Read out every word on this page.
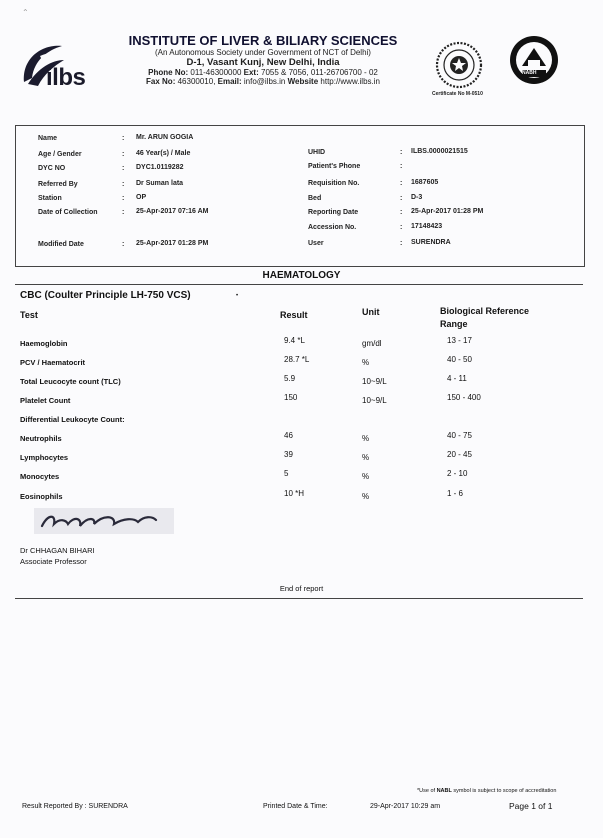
⌃
ilbs
INSTITUTE OF LIVER & BILIARY SCIENCES
(An Autonomous Society under Government of NCT of Delhi)
D-1, Vasant Kunj, New Delhi, India
Phone No: 011-46300000 Ext: 7055 & 7056, 011-26706700 - 02
Fax No: 46300010, Email: info@ilbs.in Website http://www.ilbs.in
Certificate No M-0510
NABH
Name	: Mr. ARUN GOGIA
Age / Gender	: 46 Year(s) / Male
DYC NO	: DYC1.0119282
Referred By	: Dr Suman lata
Station	: OP
Date of Collection	: 25-Apr-2017 07:16 AM
Modified Date	: 25-Apr-2017 01:28 PM
UHID	: ILBS.0000021515
Patient's Phone	:
Requisition No.	: 1687605
Bed	: D-3
Reporting Date	: 25-Apr-2017 01:28 PM
Accession No.	: 17148423
User	: SURENDRA
HAEMATOLOGY
CBC (Coulter Principle LH-750 VCS)	•
Test	Result	Unit	Biological Reference
Range
Haemoglobin	9.4 *L	gm/dl	13 - 17
PCV / Haematocrit	28.7 *L	%	40 - 50
Total Leucocyte count (TLC)	5.9	10~9/L	4 - 11
Platelet Count	150	10~9/L	150 - 400
Differential Leukocyte Count:
Neutrophils	46	%	40 - 75
Lymphocytes	39	%	20 - 45
Monocytes	5	%	2 - 10
Eosinophils	10 *H	%	1 - 6
Dr CHHAGAN BIHARI
Associate Professor
End of report
*Use of NABL symbol is subject to scope of accreditation
Result Reported By : SURENDRA	Printed Date & Time:	29-Apr-2017 10:29 am	Page 1 of 1
